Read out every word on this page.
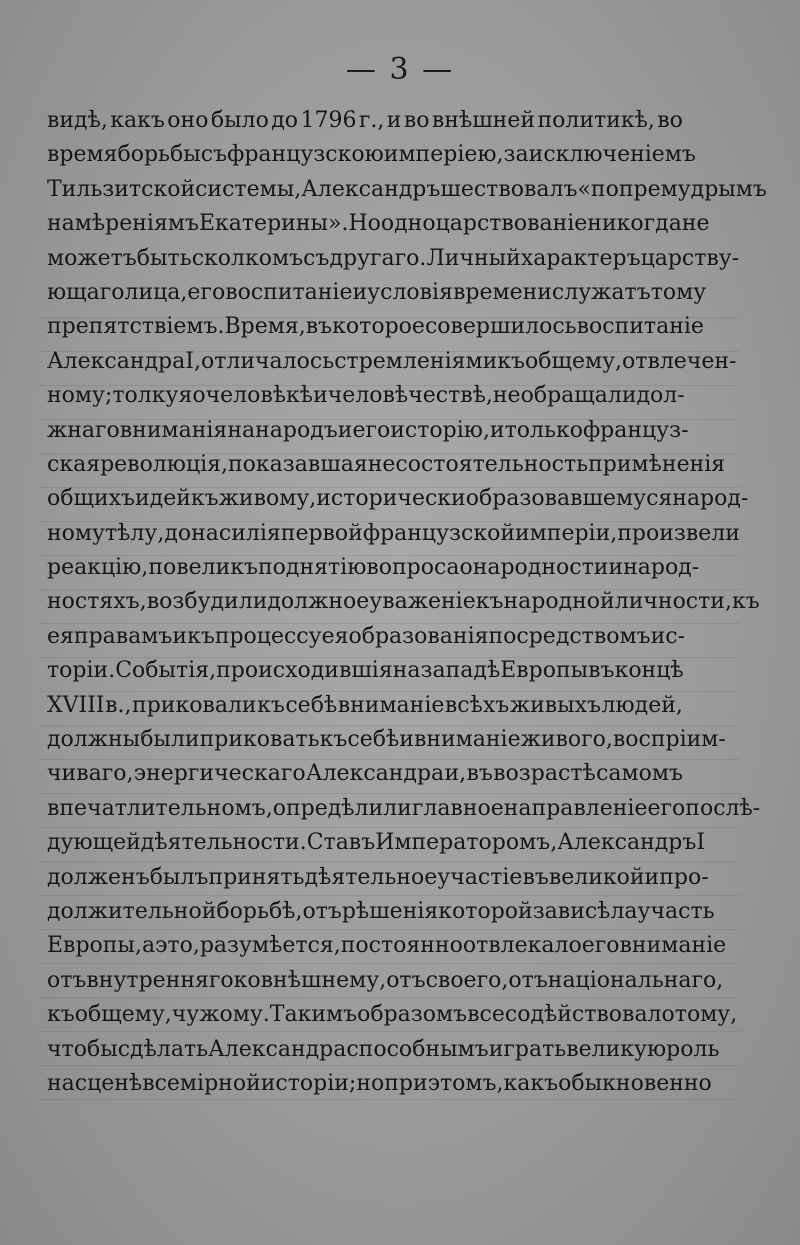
— 3 —
видѣ, какъ оно было до 1796 г., и во внѣшней политикѣ, во
время борьбы съ французскою имперіею, за исключеніемъ
Тильзитской системы, Александръ шествовалъ «по премудрымъ
намѣреніямъ Екатерины». Но одно царствованіе никогда не
можетъ быть сколкомъ съ другаго. Личный характеръ царству-
ющаго лица, его воспитаніе и условія времени служатъ тому
препятствіемъ. Время, въ которое совершилось воспитаніе
Александра I, отличалось стремленіями къ общему, отвлечен-
ному; толкуя о человѣкѣ и человѣчествѣ, не обращали дол-
жнаго вниманія на народъ и его исторію, и только француз-
ская революція, показавшая несостоятельность примѣненія
общихъ идей къ живому, исторически образовавшемуся народ-
ному тѣлу, до насилія первой французской имперіи, произвели
реакцію, повели къ поднятію вопроса о народности и народ-
ностяхъ, возбудили должное уваженіе къ народной личности, къ
ея правамъ и къ процессу ея образованія посредствомъ ис-
торіи. Событія, происходившія на западѣ Европы въ концѣ
XVIII в., приковали къ себѣ вниманіе всѣхъ живыхъ людей,
должны были приковать къ себѣ и вниманіе живого, воспріим-
чиваго, энергическаго Александра и, въ возрастѣ самомъ
впечатлительномъ, опредѣлили главное направленіе его послѣ-
дующей дѣятельности. Ставъ Императоромъ, Александръ I
долженъ былъ принять дѣятельное участіе въ великой и про-
должительной борьбѣ, отъ рѣшенія которой зависѣла участь
Европы, а это, разумѣется, постоянно отвлекало его вниманіе
отъ внутренняго ко внѣшнему, отъ своего, отъ національнаго,
къ общему, чужому. Такимъ образомъ все содѣйствовало тому,
чтобы сдѣлать Александра способнымъ играть великую роль
на сценѣ всемірной исторіи; но при этомъ, какъ обыкновенно
